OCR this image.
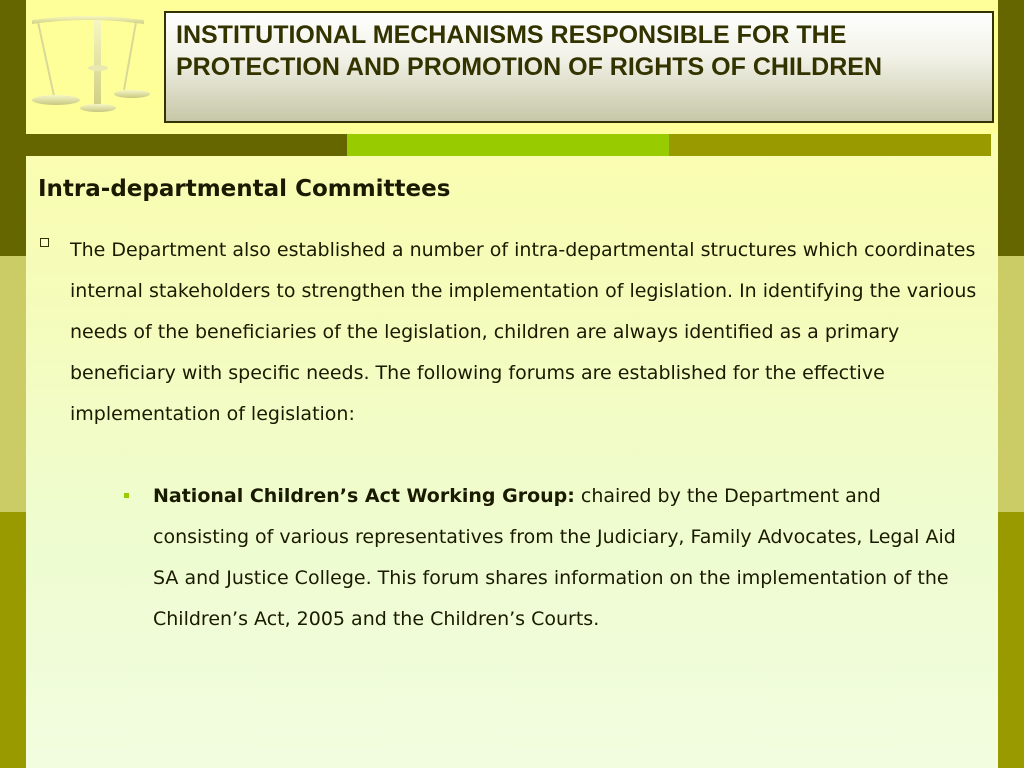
INSTITUTIONAL MECHANISMS RESPONSIBLE FOR THE PROTECTION AND PROMOTION OF RIGHTS OF CHILDREN

Intra-departmental Committees

The Department also established a number of intra-departmental structures which coordinates internal stakeholders to strengthen the implementation of legislation. In identifying the various needs of the beneficiaries of the legislation, children are always identified as a primary beneficiary with specific needs. The following forums are established for the effective implementation of legislation:

National Children’s Act Working Group: chaired by the Department and consisting of various representatives from the Judiciary, Family Advocates, Legal Aid SA and Justice College. This forum shares information on the implementation of the Children’s Act, 2005 and the Children’s Courts.
